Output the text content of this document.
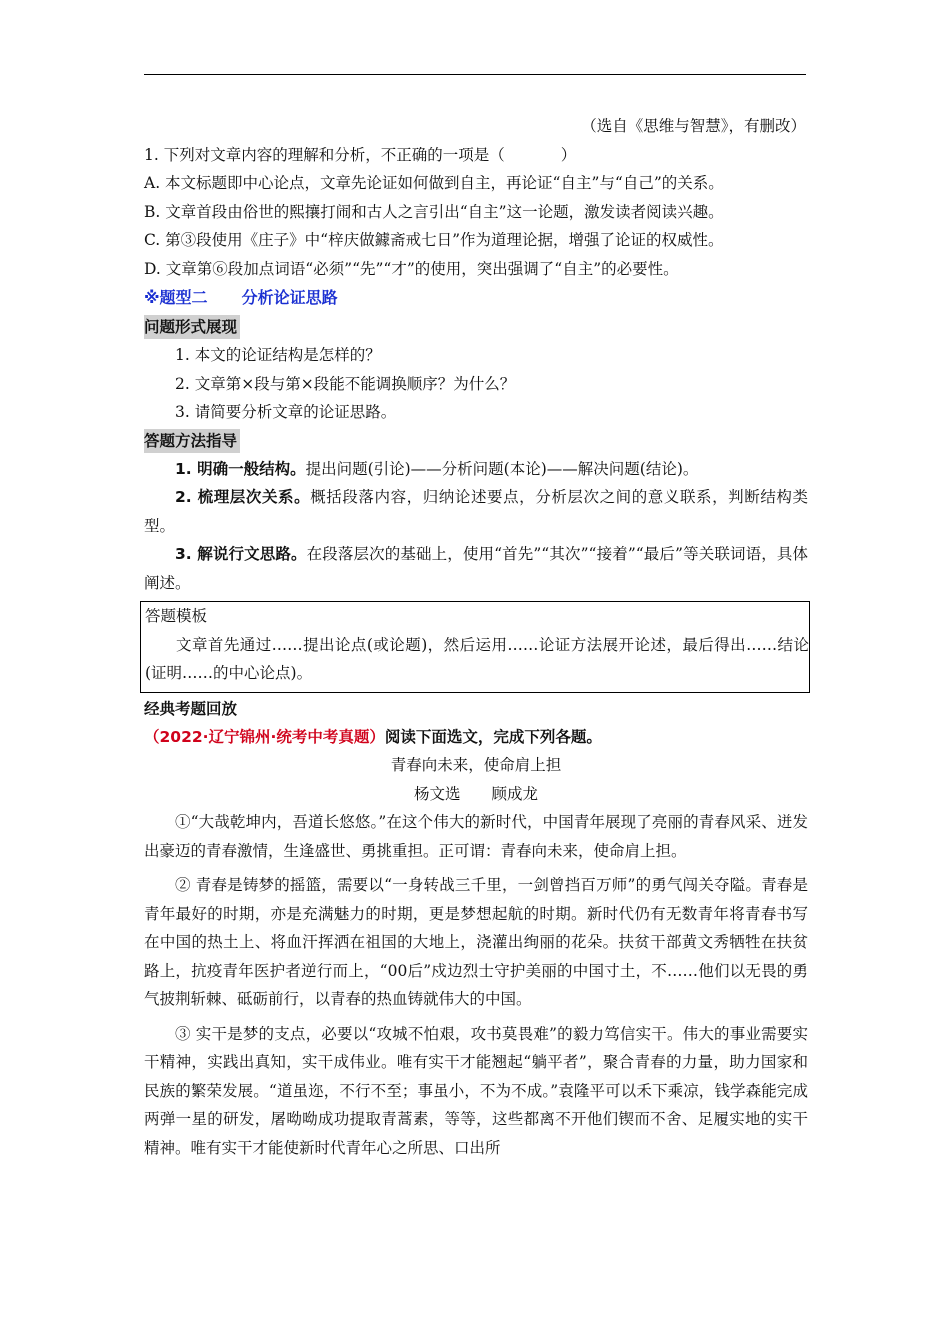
（选自《思维与智慧》，有删改）
1. 下列对文章内容的理解和分析，不正确的一项是（	）
A. 本文标题即中心论点，文章先论证如何做到自主，再论证“自主”与“自己”的关系。
B. 文章首段由俗世的熙攘打闹和古人之言引出“自主”这一论题，激发读者阅读兴趣。
C. 第③段使用《庄子》中“梓庆做鐻斋戒七日”作为道理论据，增强了论证的权威性。
D. 文章第⑥段加点词语“必须”“先”“才”的使用，突出强调了“自主”的必要性。
※题型二 分析论证思路
问题形式展现
1. 本文的论证结构是怎样的？
2. 文章第×段与第×段能不能调换顺序？为什么？
3. 请简要分析文章的论证思路。
答题方法指导

1. 明确一般结构。提出问题(引论)——分析问题(本论)——解决问题(结论)。

2. 梳理层次关系。概括段落内容，归纳论述要点，分析层次之间的意义联系，判断结构类型。

3. 解说行文思路。在段落层次的基础上，使用“首先”“其次”“接着”“最后”等关联词语，具体阐述。

答题模板

文章首先通过……提出论点(或论题)，然后运用……论证方法展开论述，最后得出……结论(证明……的中心论点)。

经典考题回放
（2022·辽宁锦州·统考中考真题）阅读下面选文，完成下列各题。
青春向未来，使命肩上担
杨文选　　顾成龙

①“大哉乾坤内，吾道长悠悠。”在这个伟大的新时代，中国青年展现了亮丽的青春风采、迸发出豪迈的青春激情，生逢盛世、勇挑重担。正可谓：青春向未来，使命肩上担。

② 青春是铸梦的摇篮，需要以“一身转战三千里，一剑曾挡百万师”的勇气闯关夺隘。青春是青年最好的时期，亦是充满魅力的时期，更是梦想起航的时期。新时代仍有无数青年将青春书写在中国的热土上、将血汗挥洒在祖国的大地上，浇灌出绚丽的花朵。扶贫干部黄文秀牺牲在扶贫路上，抗疫青年医护者逆行而上，“00后”戍边烈士守护美丽的中国寸土，不……他们以无畏的勇气披荆斩棘、砥砺前行，以青春的热血铸就伟大的中国。

③ 实干是梦的支点，必要以“攻城不怕艰，攻书莫畏难”的毅力笃信实干。伟大的事业需要实干精神，实践出真知，实干成伟业。唯有实干才能翘起“躺平者”，聚合青春的力量，助力国家和民族的繁荣发展。“道虽迩，不行不至；事虽小，不为不成。”袁隆平可以禾下乘凉，钱学森能完成两弹一星的研发，屠呦呦成功提取青蒿素，等等，这些都离不开他们锲而不舍、足履实地的实干精神。唯有实干才能使新时代青年心之所思、口出所
